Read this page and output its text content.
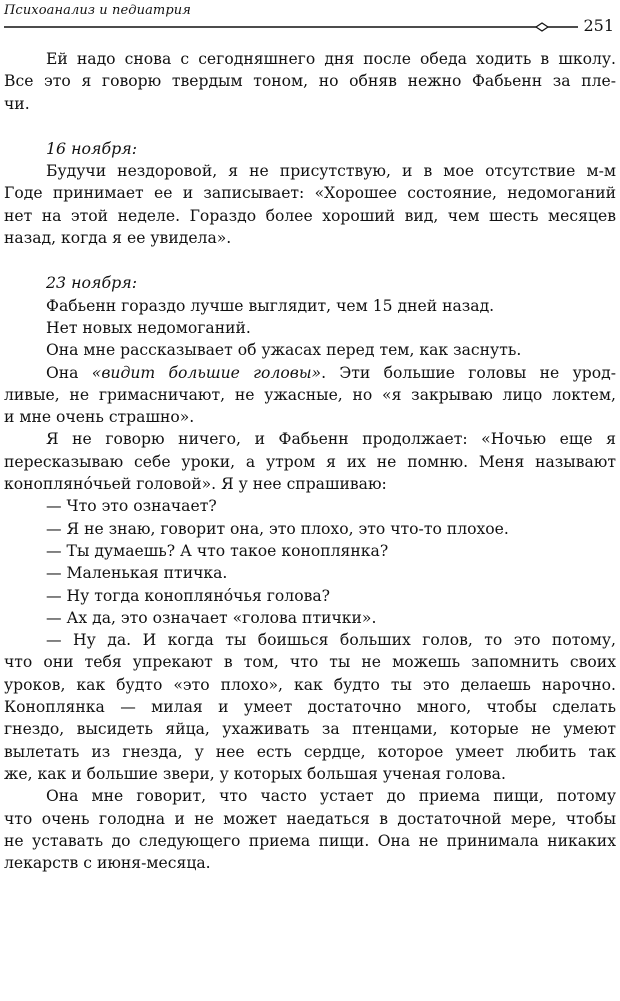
Психоанализ и педиатрия
251
Ей надо снова с сегодняшнего дня после обеда ходить в школу.
Все это я говорю твердым тоном, но обняв нежно Фабьенн за пле-
чи.
16 ноября:
Будучи нездоровой, я не присутствую, и в мое отсутствие м-м
Годе принимает ее и записывает: «Хорошее состояние, недомоганий
нет на этой неделе. Гораздо более хороший вид, чем шесть месяцев
назад, когда я ее увидела».
23 ноября:
Фабьенн гораздо лучше выглядит, чем 15 дней назад.
Нет новых недомоганий.
Она мне рассказывает об ужасах перед тем, как заснуть.
Она «видит большие головы». Эти большие головы не урод-
ливые, не гримасничают, не ужасные, но «я закрываю лицо локтем,
и мне очень страшно».
Я не говорю ничего, и Фабьенн продолжает: «Ночью еще я
пересказываю себе уроки, а утром я их не помню. Меня называют
коноплянóчьей головой». Я у нее спрашиваю:
— Что это означает?
— Я не знаю, говорит она, это плохо, это что-то плохое.
— Ты думаешь? А что такое коноплянка?
— Маленькая птичка.
— Ну тогда коноплянóчья голова?
— Ах да, это означает «голова птички».
— Ну да. И когда ты боишься больших голов, то это потому,
что они тебя упрекают в том, что ты не можешь запомнить своих
уроков, как будто «это плохо», как будто ты это делаешь нарочно.
Коноплянка — милая и умеет достаточно много, чтобы сделать
гнездо, высидеть яйца, ухаживать за птенцами, которые не умеют
вылетать из гнезда, у нее есть сердце, которое умеет любить так
же, как и большие звери, у которых большая ученая голова.
Она мне говорит, что часто устает до приема пищи, потому
что очень голодна и не может наедаться в достаточной мере, чтобы
не уставать до следующего приема пищи. Она не принимала никаких
лекарств с июня-месяца.
